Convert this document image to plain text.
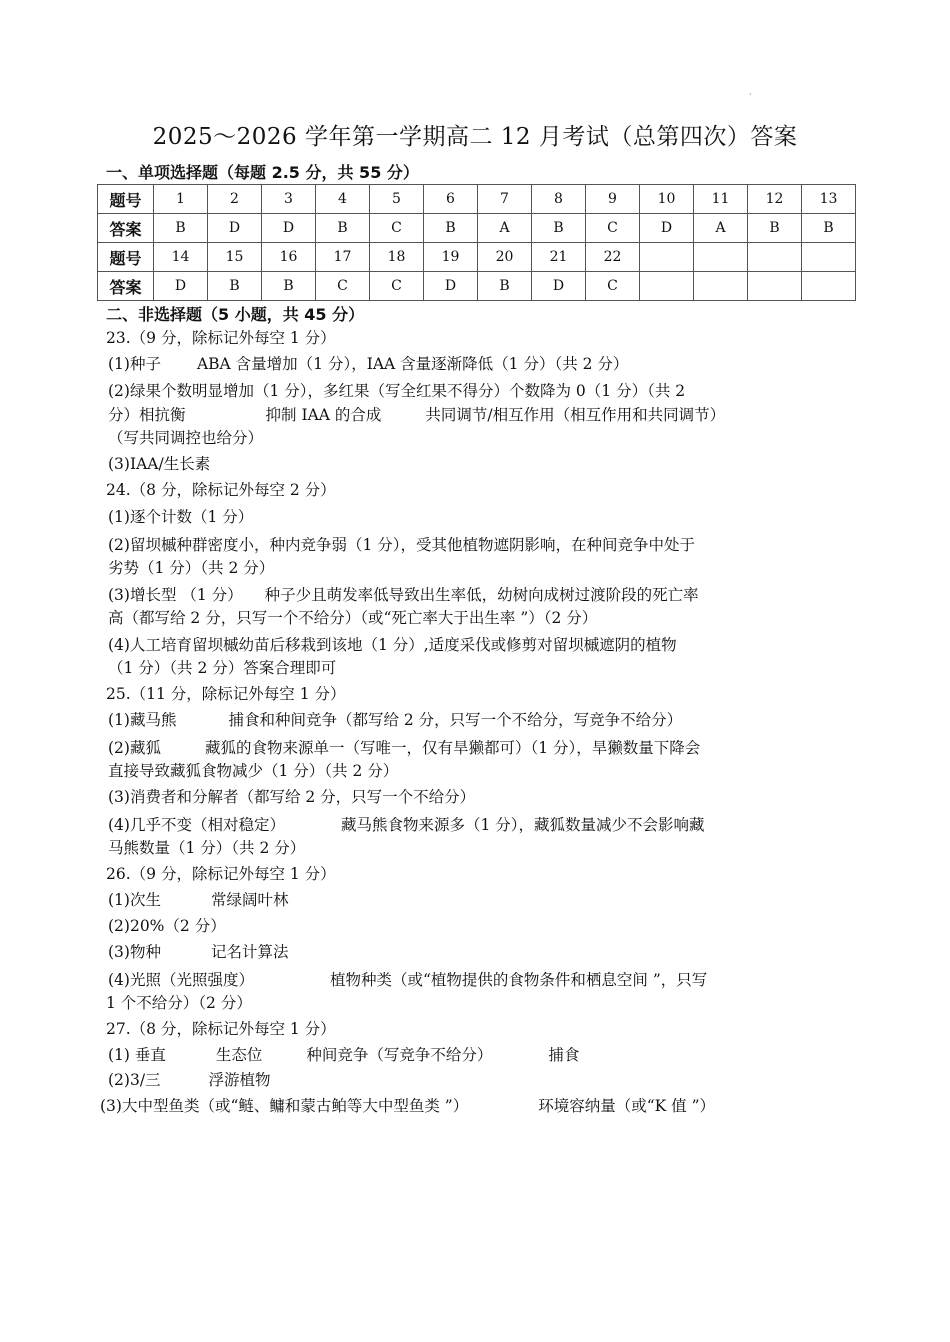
·
2025～2026 学年第一学期高二 12 月考试（总第四次）答案
一、单项选择题（每题 2.5 分，共 55 分）
题号	1	2	3	4	5	6	7	8	9	10	11	12	13
答案	B	D	D	B	C	B	A	B	C	D	A	B	B
题号	14	15	16	17	18	19	20	21	22				
答案	D	B	B	C	C	D	B	D	C				
二、非选择题（5 小题，共 45 分）
23.（9 分，除标记外每空 1 分）
(1)种子 ABA 含量增加（1 分），IAA 含量逐渐降低（1 分）（共 2 分）
(2)绿果个数明显增加（1 分），多红果（写全红果不得分）个数降为 0（1 分）（共 2
分）相抗衡	抑制 IAA 的合成	共同调节/相互作用（相互作用和共同调节）
（写共同调控也给分）
(3)IAA/生长素
24.（8 分，除标记外每空 2 分）
(1)逐个计数（1 分）
(2)留坝槭种群密度小，种内竞争弱（1 分），受其他植物遮阴影响，在种间竞争中处于
劣势（1 分）（共 2 分）
(3)增长型 （1 分） 种子少且萌发率低导致出生率低，幼树向成树过渡阶段的死亡率
高（都写给 2 分，只写一个不给分）（或“死亡率大于出生率 ”）（2 分）
(4)人工培育留坝槭幼苗后移栽到该地（1 分）,适度采伐或修剪对留坝槭遮阴的植物
（1 分）（共 2 分）答案合理即可
25.（11 分，除标记外每空 1 分）
(1)藏马熊	捕食和种间竞争（都写给 2 分，只写一个不给分，写竞争不给分）
(2)藏狐	藏狐的食物来源单一（写唯一，仅有旱獭都可）（1 分），旱獭数量下降会
直接导致藏狐食物减少（1 分）（共 2 分）
(3)消费者和分解者（都写给 2 分，只写一个不给分）
(4)几乎不变（相对稳定）	藏马熊食物来源多（1 分），藏狐数量减少不会影响藏
马熊数量（1 分）（共 2 分）
26.（9 分，除标记外每空 1 分）
(1)次生	常绿阔叶林
(2)20%（2 分）
(3)物种	记名计算法
(4)光照（光照强度）	植物种类（或“植物提供的食物条件和栖息空间 ”，只写
1 个不给分）（2 分）
27.（8 分，除标记外每空 1 分）
(1) 垂直	生态位	种间竞争（写竞争不给分）	捕食
(2)3/三	浮游植物
(3)大中型鱼类（或“鲢、鳙和蒙古鲌等大中型鱼类 ”）	环境容纳量（或“K 值 ”）
